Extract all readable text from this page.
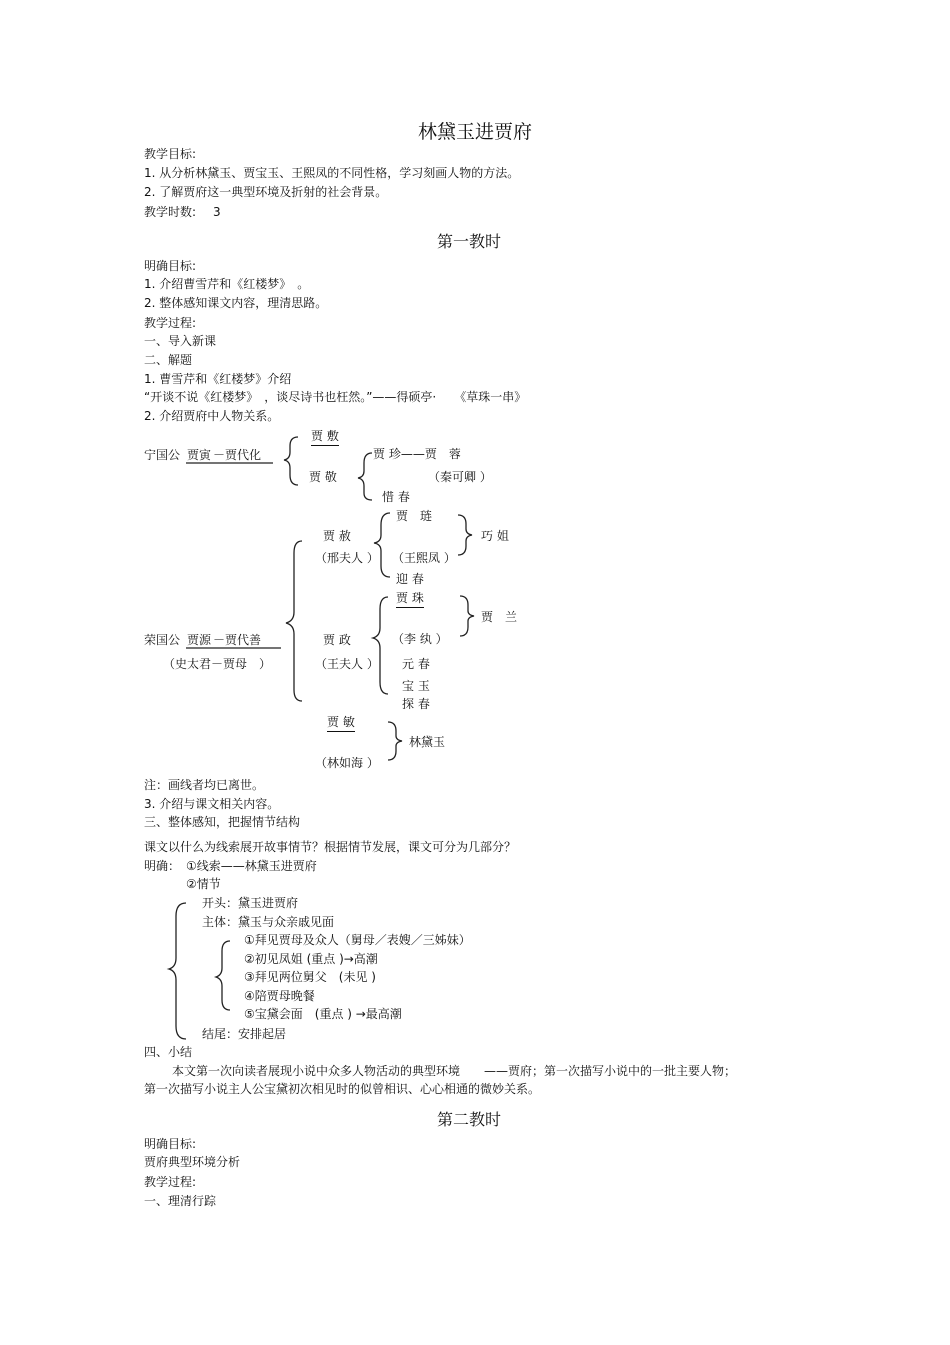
林黛玉进贾府
教学目标:
1. 从分析林黛玉、贾宝玉、王熙凤的不同性格，学习刻画人物的方法。
2. 了解贾府这一典型环境及折射的社会背景。
教学时数: 3
第一教时
明确目标:
1. 介绍曹雪芹和《红楼梦》　。
2. 整体感知课文内容，理清思路。
教学过程:
一、导入新课
二、解题
1. 曹雪芹和《红楼梦》介绍
“开谈不说《红楼梦》　，谈尽诗书也枉然。”——得硕亭·　　《草珠一串》
2. 介绍贾府中人物关系。
宁国公 贾寅 － 贾代化
贾 敷
贾 敬
贾 珍——贾　蓉
（秦可卿 ）
惜 春
贾 赦
（邢夫人 ）
贾　琏
（王熙凤 ）
迎 春
巧 姐
荣国公 贾源 － 贾代善
（史太君－贾母　）
贾 政
（王夫人 ）
贾 珠
（李 纨 ）
元 春
宝 玉
探 春
贾　兰
贾 敏
（林如海 ）
林黛玉
注：画线者均已离世。
3. 介绍与课文相关内容。
三、整体感知，把握情节结构
课文以什么为线索展开故事情节？根据情节发展，课文可分为几部分？
明确： ①线索——林黛玉进贾府
②情节
开头：黛玉进贾府
主体：黛玉与众亲戚见面
①拜见贾母及众人（舅母／表嫂／三姊妹）
②初见凤姐 (重点 )→高潮
③拜见两位舅父　(未见 )
④陪贾母晚餐
⑤宝黛会面　(重点 ) →最高潮
结尾：安排起居
四、小结
本文第一次向读者展现小说中众多人物活动的典型环境　　——贾府；第一次描写小说中的一批主要人物；
第一次描写小说主人公宝黛初次相见时的似曾相识、心心相通的微妙关系。
第二教时
明确目标:
贾府典型环境分析
教学过程:
一、理清行踪
